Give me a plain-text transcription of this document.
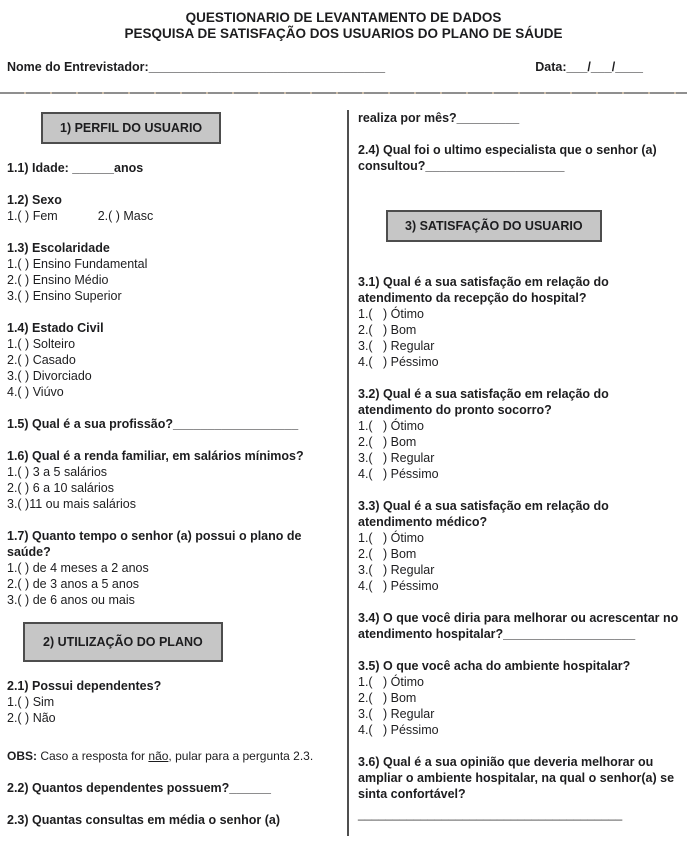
QUESTIONARIO DE LEVANTAMENTO DE DADOS
PESQUISA DE SATISFAÇÃO DOS USUARIOS DO PLANO DE SÁUDE
Nome do Entrevistador:__________________________________	Data:___/___/____
1) PERFIL DO USUARIO
1.1) Idade: ______anos
1.2) Sexo
1.( ) Fem	2.( ) Masc
1.3) Escolaridade
1.( ) Ensino Fundamental
2.( ) Ensino Médio
3.( ) Ensino Superior
1.4) Estado Civil
1.( ) Solteiro
2.( ) Casado
3.( ) Divorciado
4.( ) Viúvo
1.5) Qual é a sua profissão?__________________
1.6) Qual é a renda familiar, em salários mínimos?
1.( ) 3 a 5 salários
2.( ) 6 a 10 salários
3.( )11 ou mais salários
1.7) Quanto tempo o senhor (a) possui o plano de saúde?
1.( ) de 4 meses a 2 anos
2.( ) de 3 anos a 5 anos
3.( ) de 6 anos ou mais
2) UTILIZAÇÃO DO PLANO
2.1) Possui dependentes?
1.( ) Sim
2.( ) Não
OBS: Caso a resposta for não, pular para a pergunta 2.3.
2.2) Quantos dependentes possuem?______
2.3) Quantas consultas em média o senhor (a)
realiza por mês?_________
2.4) Qual foi o ultimo especialista que o senhor (a) consultou?____________________
3) SATISFAÇÃO DO USUARIO
3.1) Qual é a sua satisfação em relação do atendimento da recepção do hospital?
1.(   ) Ótimo
2.(   ) Bom
3.(   ) Regular
4.(   ) Péssimo
3.2) Qual é a sua satisfação em relação do atendimento do pronto socorro?
1.(   ) Ótimo
2.(   ) Bom
3.(   ) Regular
4.(   ) Péssimo
3.3) Qual é a sua satisfação em relação do atendimento médico?
1.(   ) Ótimo
2.(   ) Bom
3.(   ) Regular
4.(   ) Péssimo
3.4) O que você diria para melhorar ou acrescentar no atendimento hospitalar?___________________
3.5) O que você acha do ambiente hospitalar?
1.(   ) Ótimo
2.(   ) Bom
3.(   ) Regular
4.(   ) Péssimo
3.6) Qual é a sua opinião que deveria melhorar ou ampliar o ambiente hospitalar, na qual o senhor(a) se sinta confortável?
______________________________________
